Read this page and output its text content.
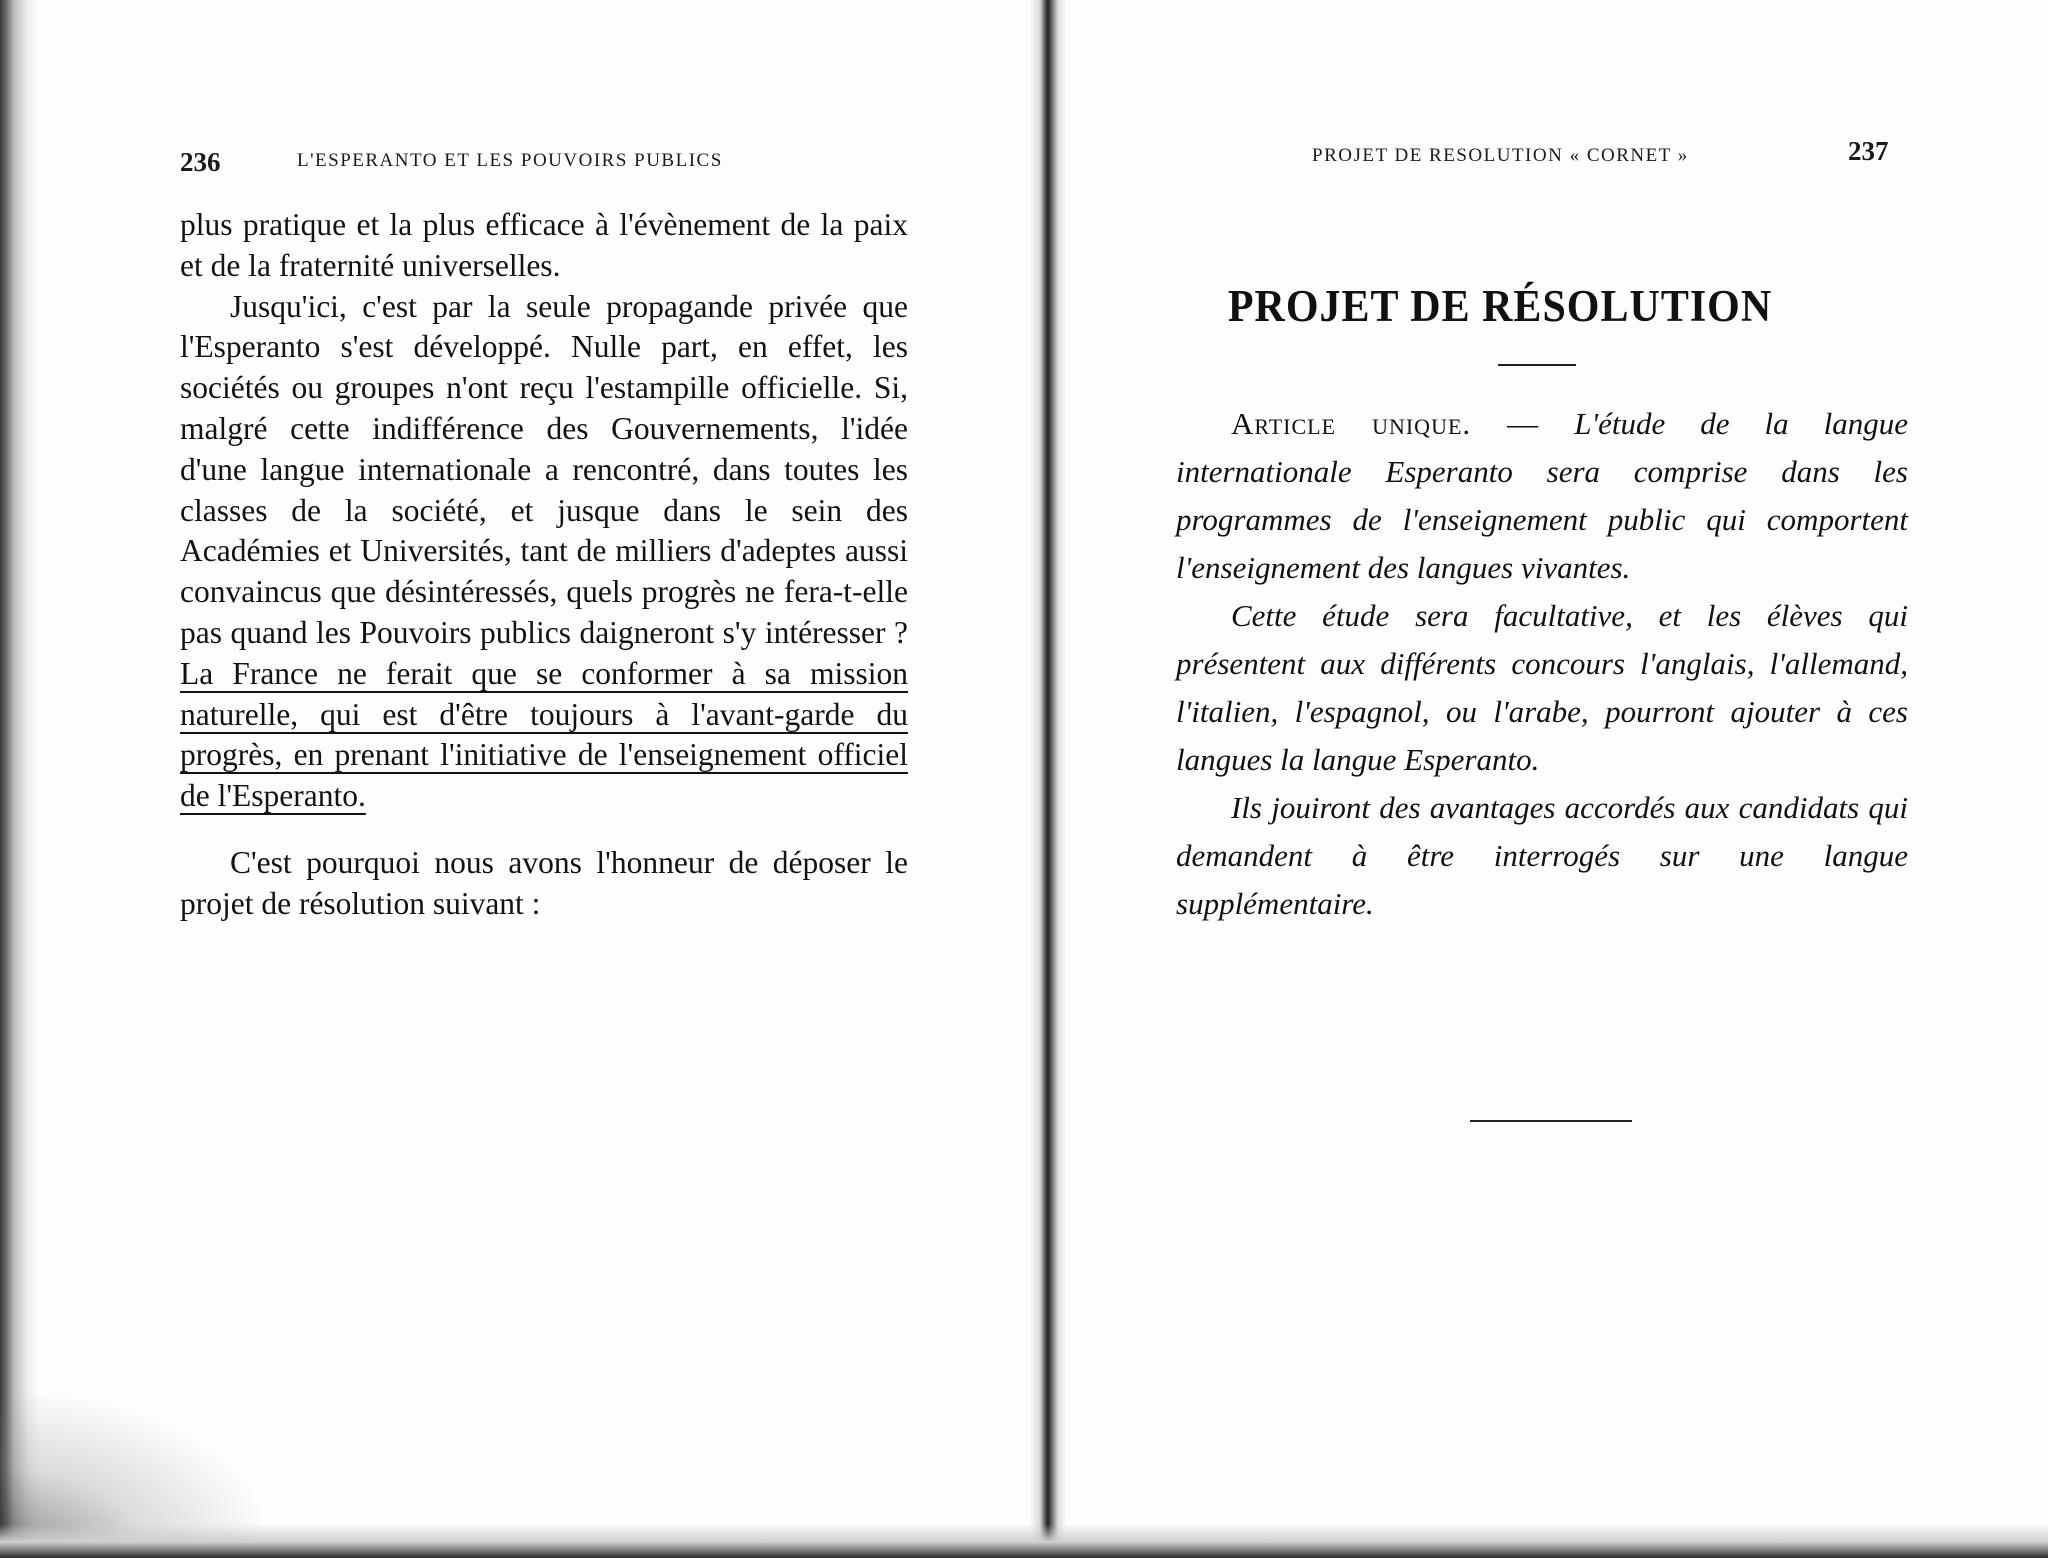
236	L'ESPERANTO ET LES POUVOIRS PUBLICS

plus pratique et la plus efficace à l'évènement de la paix et de la fraternité universelles.

Jusqu'ici, c'est par la seule propagande privée que l'Esperanto s'est développé. Nulle part, en effet, les sociétés ou groupes n'ont reçu l'estampille officielle. Si, malgré cette indifférence des Gouvernements, l'idée d'une langue internationale a rencontré, dans toutes les classes de la société, et jusque dans le sein des Académies et Universités, tant de milliers d'adeptes aussi convaincus que désintéressés, quels progrès ne fera-t-elle pas quand les Pouvoirs publics daigneront s'y intéresser ? La France ne ferait que se conformer à sa mission naturelle, qui est d'être toujours à l'avant-garde du progrès, en prenant l'initiative de l'enseignement officiel de l'Esperanto.

C'est pourquoi nous avons l'honneur de déposer le projet de résolution suivant :

PROJET DE RESOLUTION « CORNET »	237
PROJET DE RÉSOLUTION

Article unique. — L'étude de la langue internationale Esperanto sera comprise dans les programmes de l'enseignement public qui comportent l'enseignement des langues vivantes.

Cette étude sera facultative, et les élèves qui présentent aux différents concours l'anglais, l'allemand, l'italien, l'espagnol, ou l'arabe, pourront ajouter à ces langues la langue Esperanto.

Ils jouiront des avantages accordés aux candidats qui demandent à être interrogés sur une langue supplémentaire.
